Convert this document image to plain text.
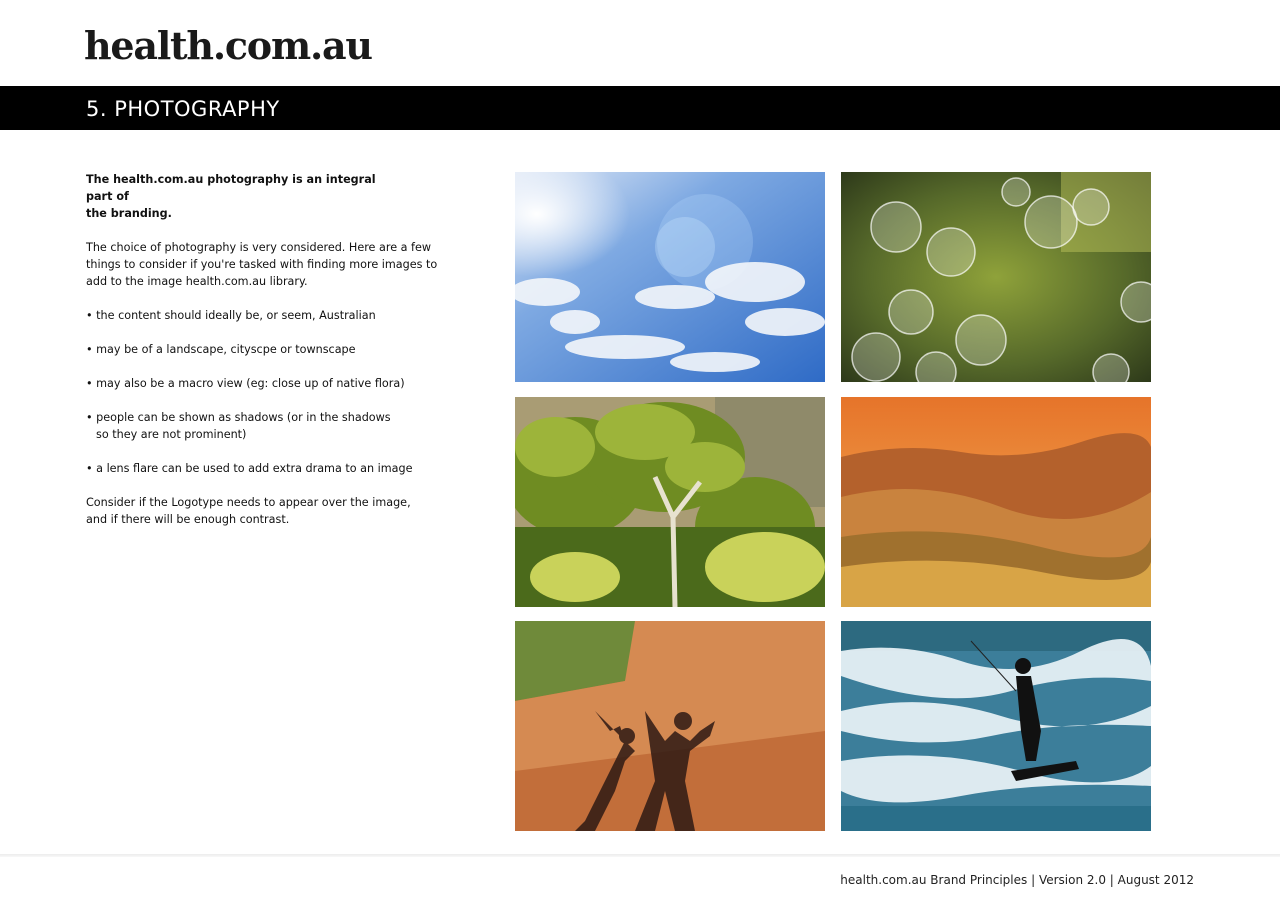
health.com.au
5. PHOTOGRAPHY

The health.com.au photography is an integral part of
the branding.

The choice of photography is very considered. Here are a few
things to consider if you're tasked with finding more images to
add to the image health.com.au library.

• the content should ideally be, or seem, Australian

• may be of a landscape, cityscpe or townscape

• may also be a macro view (eg: close up of native flora)

• people can be shown as shadows (or in the shadows
so they are not prominent)

• a lens flare can be used to add extra drama to an image

Consider if the Logotype needs to appear over the image,
and if there will be enough contrast.

health.com.au Brand Principles | Version 2.0 | August 2012
